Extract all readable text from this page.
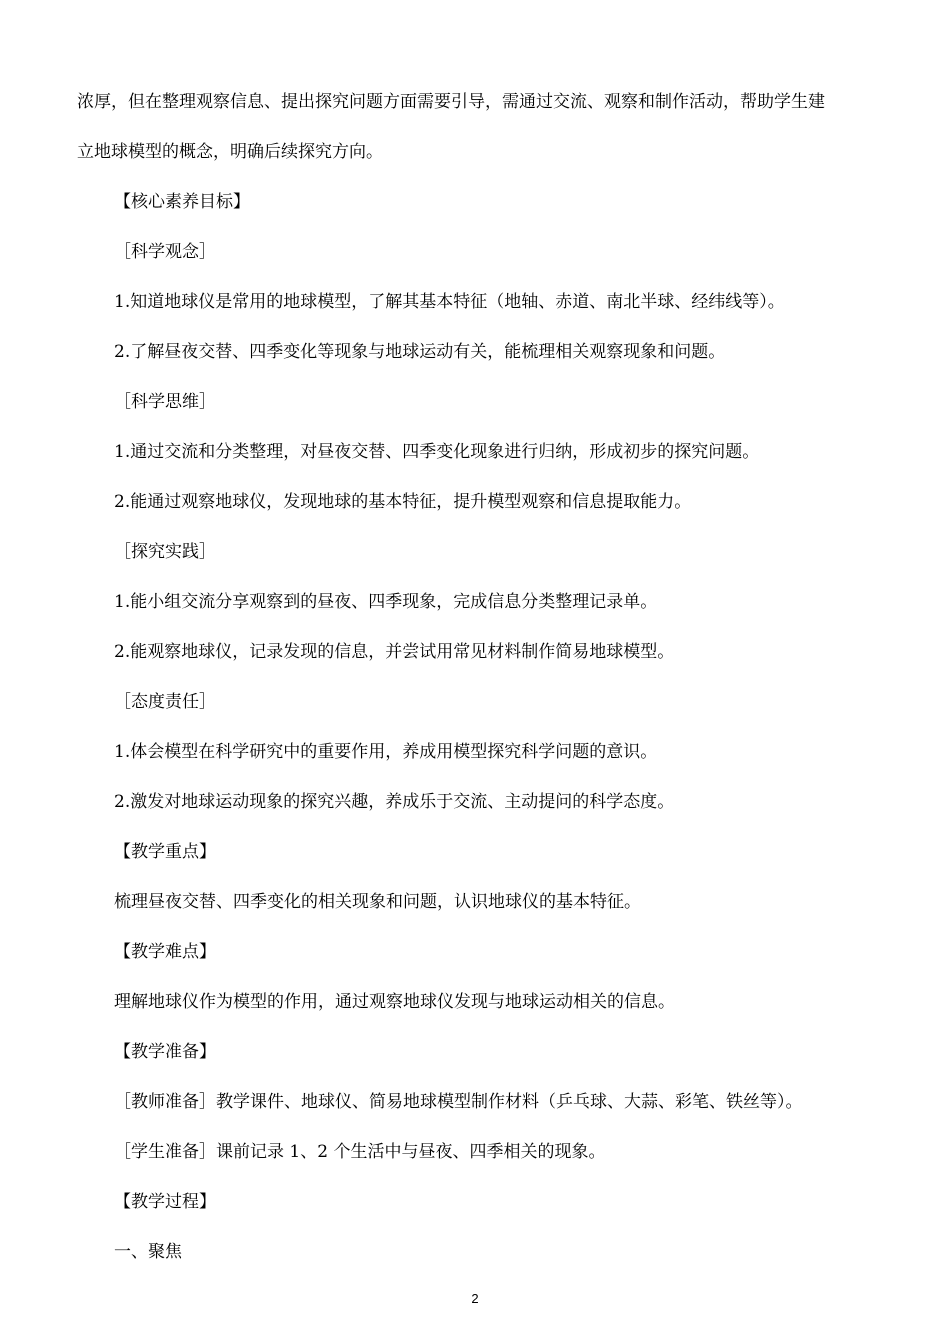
浓厚，但在整理观察信息、提出探究问题方面需要引导，需通过交流、观察和制作活动，帮助学生建
立地球模型的概念，明确后续探究方向。
【核心素养目标】
［科学观念］
1.知道地球仪是常用的地球模型，了解其基本特征（地轴、赤道、南北半球、经纬线等）。
2.了解昼夜交替、四季变化等现象与地球运动有关，能梳理相关观察现象和问题。
［科学思维］
1.通过交流和分类整理，对昼夜交替、四季变化现象进行归纳，形成初步的探究问题。
2.能通过观察地球仪，发现地球的基本特征，提升模型观察和信息提取能力。
［探究实践］
1.能小组交流分享观察到的昼夜、四季现象，完成信息分类整理记录单。
2.能观察地球仪，记录发现的信息，并尝试用常见材料制作简易地球模型。
［态度责任］
1.体会模型在科学研究中的重要作用，养成用模型探究科学问题的意识。
2.激发对地球运动现象的探究兴趣，养成乐于交流、主动提问的科学态度。
【教学重点】
梳理昼夜交替、四季变化的相关现象和问题，认识地球仪的基本特征。
【教学难点】
理解地球仪作为模型的作用，通过观察地球仪发现与地球运动相关的信息。
【教学准备】
［教师准备］教学课件、地球仪、简易地球模型制作材料（乒乓球、大蒜、彩笔、铁丝等）。
［学生准备］课前记录 1、2 个生活中与昼夜、四季相关的现象。
【教学过程】
一、聚焦
2
